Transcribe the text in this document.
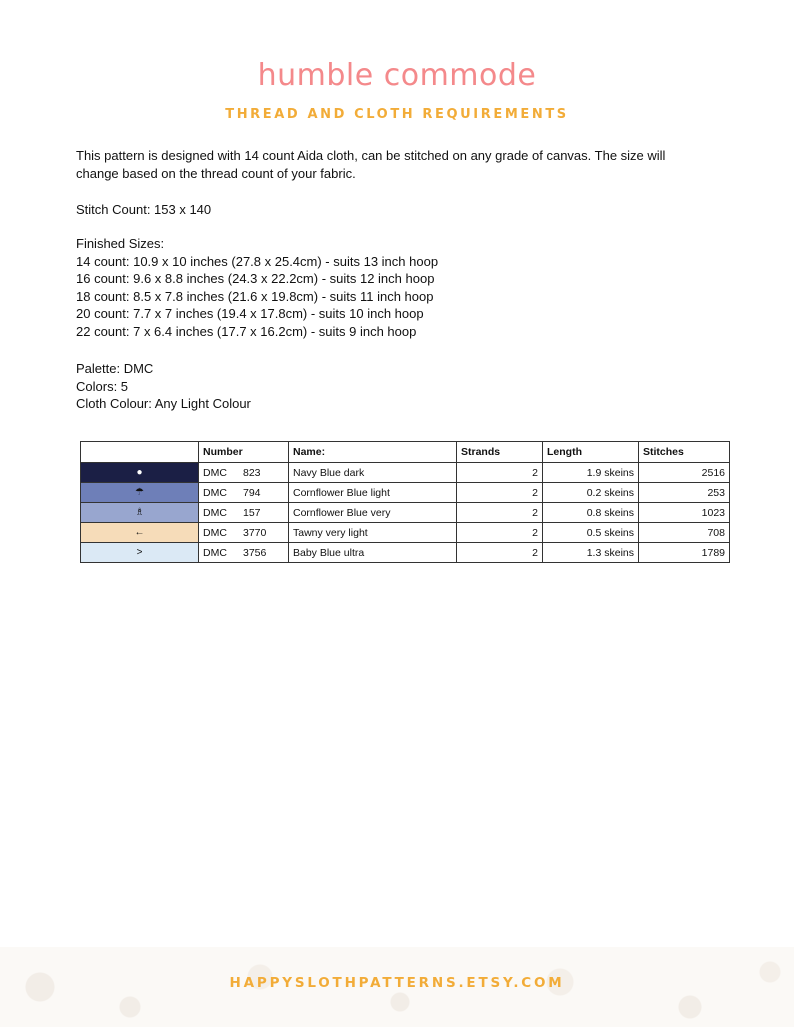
humble commode
THREAD AND CLOTH REQUIREMENTS
This pattern is designed with 14 count Aida cloth, can be stitched on any grade of canvas. The size will
change based on the thread count of your fabric.
Stitch Count: 153 x 140
Finished Sizes:
14 count: 10.9 x 10 inches (27.8 x 25.4cm) - suits 13 inch hoop
16 count: 9.6 x 8.8 inches (24.3 x 22.2cm) - suits 12 inch hoop
18 count: 8.5 x 7.8 inches (21.6 x 19.8cm) - suits 11 inch hoop
20 count: 7.7 x 7 inches (19.4 x 17.8cm) - suits 10 inch hoop
22 count: 7 x 6.4 inches (17.7 x 16.2cm) - suits 9 inch hoop
Palette: DMC
Colors: 5
Cloth Colour: Any Light Colour
	Number	Name:	Strands	Length	Stitches
●	DMC 823	Navy Blue dark	2	1.9 skeins	2516
☂	DMC 794	Cornflower Blue light	2	0.2 skeins	253
♗	DMC 157	Cornflower Blue very	2	0.8 skeins	1023
←	DMC 3770	Tawny very light	2	0.5 skeins	708
>	DMC 3756	Baby Blue ultra	2	1.3 skeins	1789
HAPPYSLOTHPATTERNS.ETSY.COM
